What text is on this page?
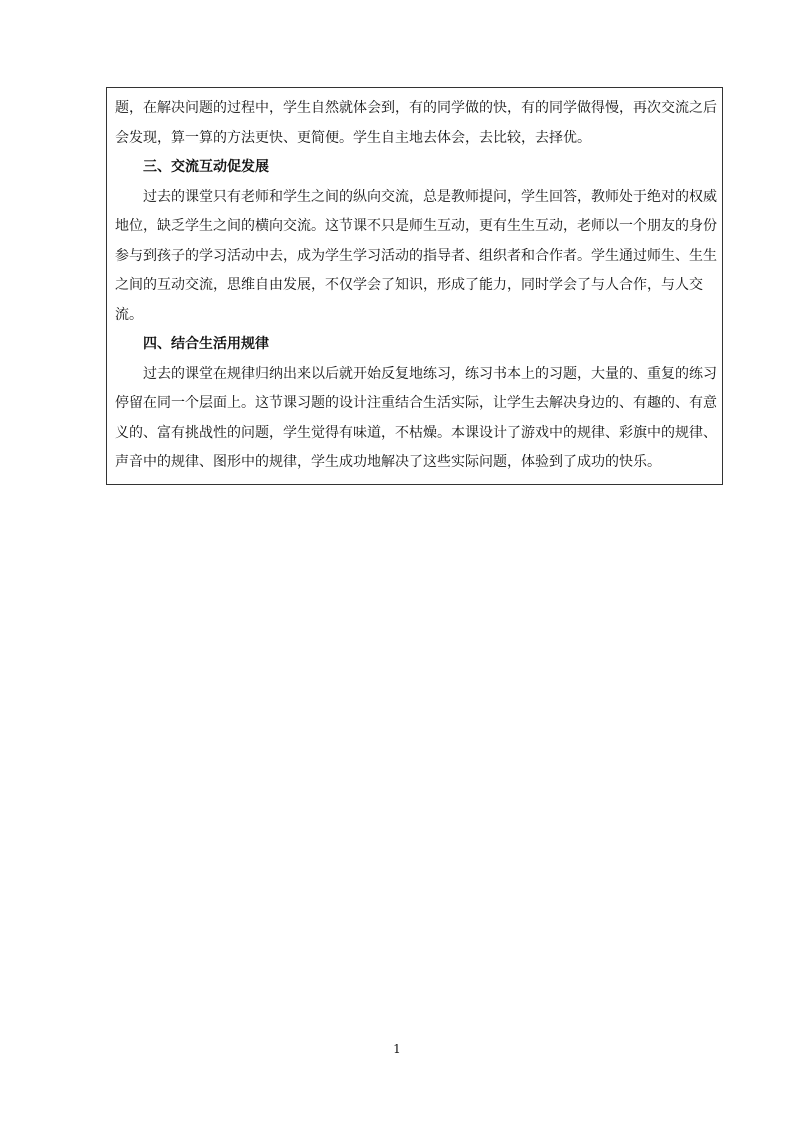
题，在解决问题的过程中，学生自然就体会到，有的同学做的快，有的同学做得慢，再次交流之后
会发现，算一算的方法更快、更简便。学生自主地去体会，去比较，去择优。
三、交流互动促发展
过去的课堂只有老师和学生之间的纵向交流，总是教师提问，学生回答，教师处于绝对的权威
地位，缺乏学生之间的横向交流。这节课不只是师生互动，更有生生互动，老师以一个朋友的身份
参与到孩子的学习活动中去，成为学生学习活动的指导者、组织者和合作者。学生通过师生、生生
之间的互动交流，思维自由发展，不仅学会了知识，形成了能力，同时学会了与人合作，与人交
流。
四、结合生活用规律
过去的课堂在规律归纳出来以后就开始反复地练习，练习书本上的习题，大量的、重复的练习
停留在同一个层面上。这节课习题的设计注重结合生活实际，让学生去解决身边的、有趣的、有意
义的、富有挑战性的问题，学生觉得有味道，不枯燥。本课设计了游戏中的规律、彩旗中的规律、
声音中的规律、图形中的规律，学生成功地解决了这些实际问题，体验到了成功的快乐。
1
